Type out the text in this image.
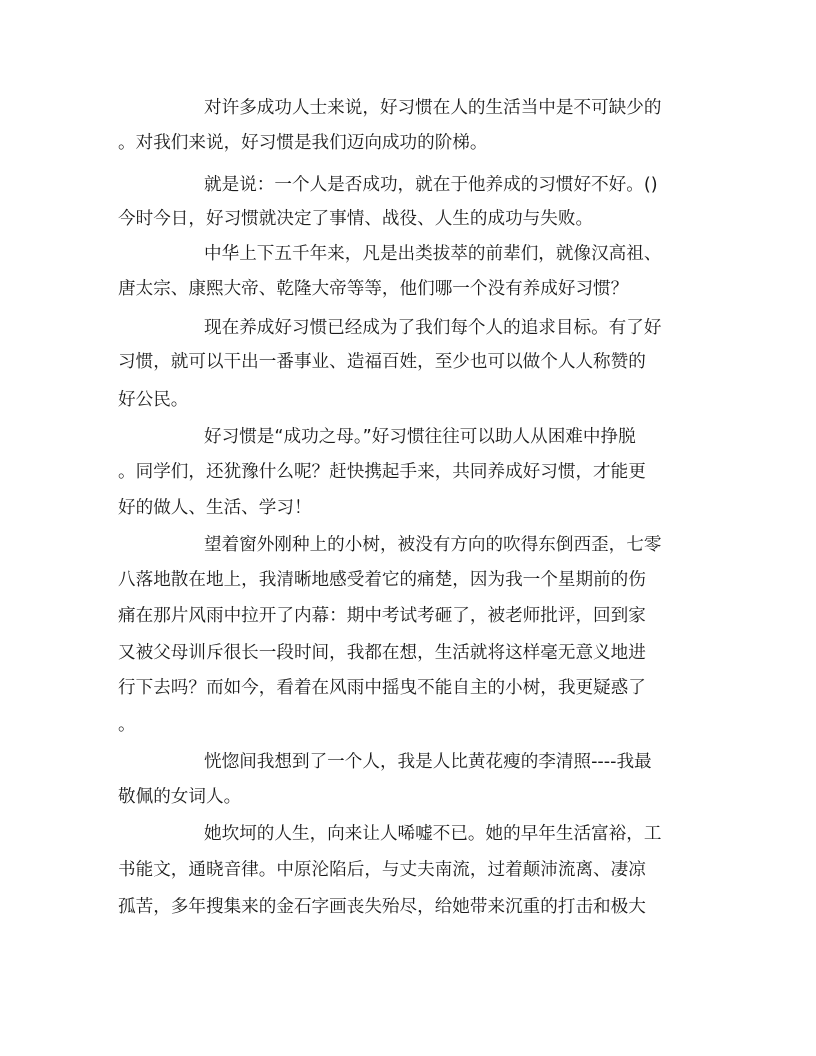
对许多成功人士来说，好习惯在人的生活当中是不可缺少的
。对我们来说，好习惯是我们迈向成功的阶梯。
就是说：一个人是否成功，就在于他养成的习惯好不好。()
今时今日，好习惯就决定了事情、战役、人生的成功与失败。
中华上下五千年来，凡是出类拔萃的前辈们，就像汉高祖、
唐太宗、康熙大帝、乾隆大帝等等，他们哪一个没有养成好习惯？
现在养成好习惯已经成为了我们每个人的追求目标。有了好
习惯，就可以干出一番事业、造福百姓，至少也可以做个人人称赞的
好公民。
好习惯是“成功之母。”好习惯往往可以助人从困难中挣脱
。同学们，还犹豫什么呢？赶快携起手来，共同养成好习惯，才能更
好的做人、生活、学习！
望着窗外刚种上的小树，被没有方向的吹得东倒西歪，七零
八落地散在地上，我清晰地感受着它的痛楚，因为我一个星期前的伤
痛在那片风雨中拉开了内幕：期中考试考砸了，被老师批评，回到家
又被父母训斥很长一段时间，我都在想，生活就将这样毫无意义地进
行下去吗？而如今，看着在风雨中摇曳不能自主的小树，我更疑惑了
。
恍惚间我想到了一个人，我是人比黄花瘦的李清照----我最
敬佩的女词人。
她坎坷的人生，向来让人唏嘘不已。她的早年生活富裕，工
书能文，通晓音律。中原沦陷后，与丈夫南流，过着颠沛流离、凄凉
孤苦，多年搜集来的金石字画丧失殆尽，给她带来沉重的打击和极大
